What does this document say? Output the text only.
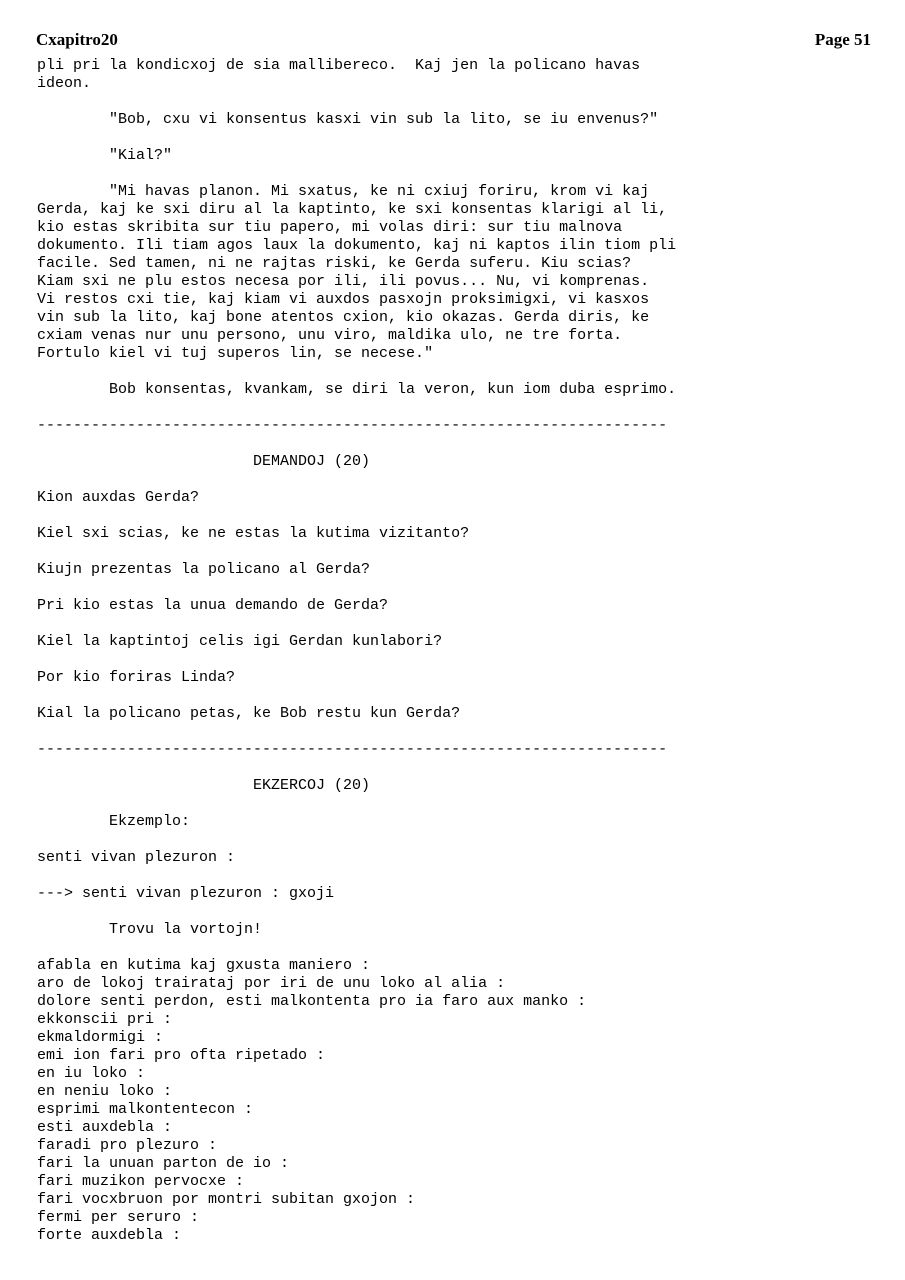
Cxapitro20	Page 51
pli pri la kondicxoj de sia mallibereco.  Kaj jen la policano havas
ideon.
"Bob, cxu vi konsentus kasxi vin sub la lito, se iu envenus?"
"Kial?"
"Mi havas planon. Mi sxatus, ke ni cxiuj foriru, krom vi kaj
Gerda, kaj ke sxi diru al la kaptinto, ke sxi konsentas klarigi al li,
kio estas skribita sur tiu papero, mi volas diri: sur tiu malnova
dokumento. Ili tiam agos laux la dokumento, kaj ni kaptos ilin tiom pli
facile. Sed tamen, ni ne rajtas riski, ke Gerda suferu. Kiu scias?
Kiam sxi ne plu estos necesa por ili, ili povus... Nu, vi komprenas.
Vi restos cxi tie, kaj kiam vi auxdos pasxojn proksimigxi, vi kasxos
vin sub la lito, kaj bone atentos cxion, kio okazas. Gerda diris, ke
cxiam venas nur unu persono, unu viro, maldika ulo, ne tre forta.
Fortulo kiel vi tuj superos lin, se necese."
Bob konsentas, kvankam, se diri la veron, kun iom duba esprimo.
----------------------------------------------------------------------
DEMANDOJ (20)
Kion auxdas Gerda?
Kiel sxi scias, ke ne estas la kutima vizitanto?
Kiujn prezentas la policano al Gerda?
Pri kio estas la unua demando de Gerda?
Kiel la kaptintoj celis igi Gerdan kunlabori?
Por kio foriras Linda?
Kial la policano petas, ke Bob restu kun Gerda?
----------------------------------------------------------------------
EKZERCOJ (20)
Ekzemplo:
senti vivan plezuron :
---> senti vivan plezuron : gxoji
Trovu la vortojn!
afabla en kutima kaj gxusta maniero :
aro de lokoj trairataj por iri de unu loko al alia :
dolore senti perdon, esti malkontenta pro ia faro aux manko :
ekkonscii pri :
ekmaldormigi :
emi ion fari pro ofta ripetado :
en iu loko :
en neniu loko :
esprimi malkontentecon :
esti auxdebla :
faradi pro plezuro :
fari la unuan parton de io :
fari muzikon pervocxe :
fari vocxbruon por montri subitan gxojon :
fermi per seruro :
forte auxdebla :
